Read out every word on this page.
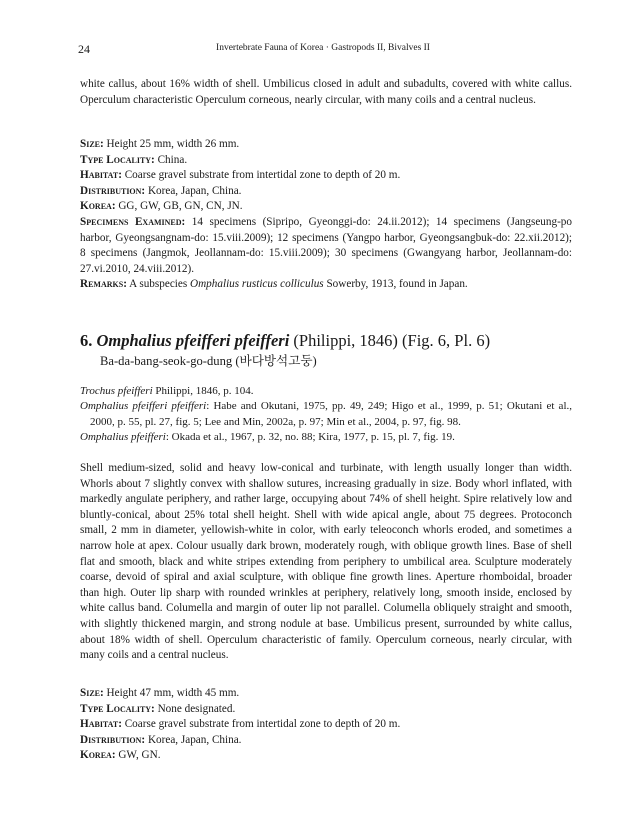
24	Invertebrate Fauna of Korea · Gastropods II, Bivalves II

white callus, about 16% width of shell. Umbilicus closed in adult and subadults, covered with white callus. Operculum characteristic Operculum corneous, nearly circular, with many coils and a central nucleus.

Size: Height 25 mm, width 26 mm.

Type Locality: China.

Habitat: Coarse gravel substrate from intertidal zone to depth of 20 m.

Distribution: Korea, Japan, China.

Korea: GG, GW, GB, GN, CN, JN.

Specimens Examined: 14 specimens (Sipripo, Gyeonggi-do: 24.ii.2012); 14 specimens (Jangseung-po harbor, Gyeongsangnam-do: 15.viii.2009); 12 specimens (Yangpo harbor, Gyeongsangbuk-do: 22.xii.2012); 8 specimens (Jangmok, Jeollannam-do: 15.viii.2009); 30 specimens (Gwangyang harbor, Jeollannam-do: 27.vi.2010, 24.viii.2012).

Remarks: A subspecies Omphalius rusticus colliculus Sowerby, 1913, found in Japan.

6. Omphalius pfeifferi pfeifferi (Philippi, 1846) (Fig. 6, Pl. 6)
Ba-da-bang-seok-go-dung (바다방석고둥)

Trochus pfeifferi Philippi, 1846, p. 104.

Omphalius pfeifferi pfeifferi: Habe and Okutani, 1975, pp. 49, 249; Higo et al., 1999, p. 51; Okutani et al., 2000, p. 55, pl. 27, fig. 5; Lee and Min, 2002a, p. 97; Min et al., 2004, p. 97, fig. 98.

Omphalius pfeifferi: Okada et al., 1967, p. 32, no. 88; Kira, 1977, p. 15, pl. 7, fig. 19.

Shell medium-sized, solid and heavy low-conical and turbinate, with length usually longer than width. Whorls about 7 slightly convex with shallow sutures, increasing gradually in size. Body whorl inflated, with markedly angulate periphery, and rather large, occupying about 74% of shell height. Spire relatively low and bluntly-conical, about 25% total shell height. Shell with wide apical angle, about 75 degrees. Protoconch small, 2 mm in diameter, yellowish-white in color, with early teleoconch whorls eroded, and sometimes a narrow hole at apex. Colour usually dark brown, moderately rough, with oblique growth lines. Base of shell flat and smooth, black and white stripes extending from periphery to umbilical area. Sculpture moderately coarse, devoid of spiral and axial sculpture, with oblique fine growth lines. Aperture rhomboidal, broader than high. Outer lip sharp with rounded wrinkles at periphery, relatively long, smooth inside, enclosed by white callus band. Columella and margin of outer lip not parallel. Columella obliquely straight and smooth, with slightly thickened margin, and strong nodule at base. Umbilicus present, surrounded by white callus, about 18% width of shell. Operculum characteristic of family. Operculum corneous, nearly circular, with many coils and a central nucleus.

Size: Height 47 mm, width 45 mm.

Type Locality: None designated.

Habitat: Coarse gravel substrate from intertidal zone to depth of 20 m.

Distribution: Korea, Japan, China.

Korea: GW, GN.
